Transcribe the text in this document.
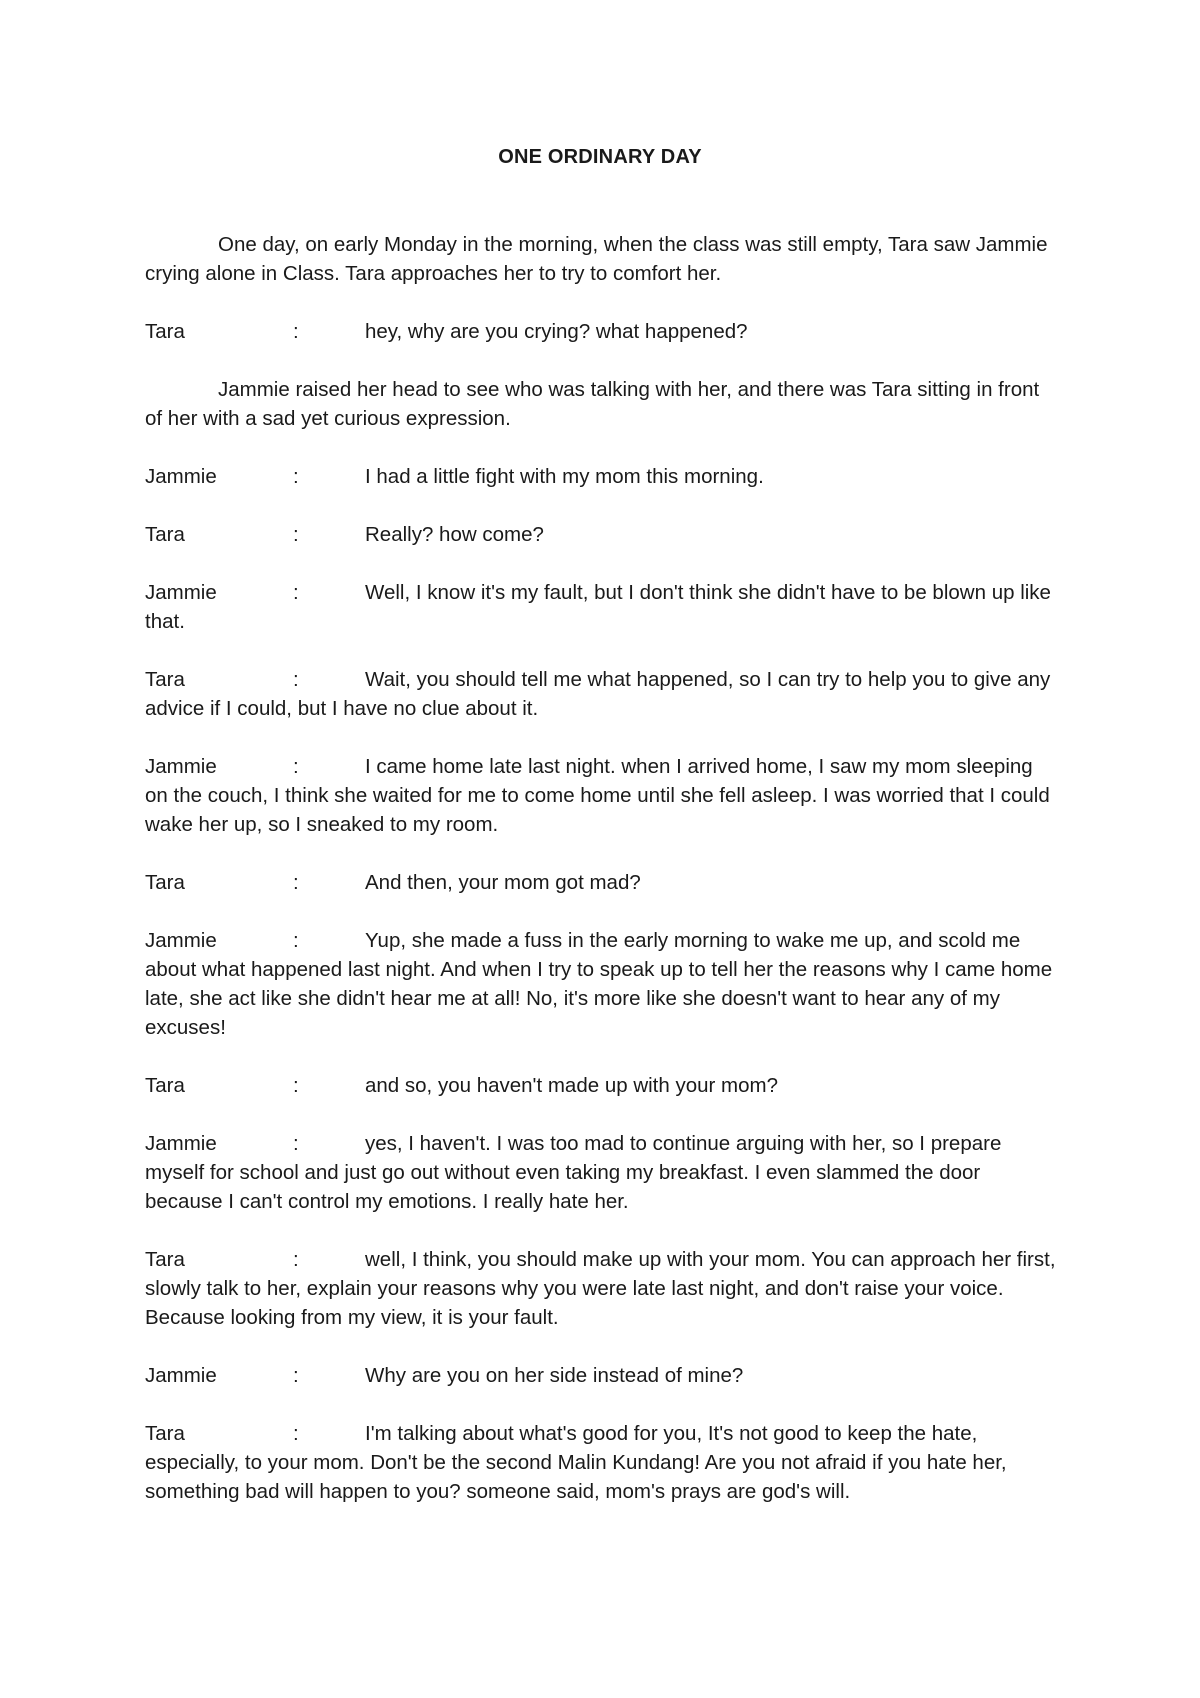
ONE ORDINARY DAY

One day, on early Monday in the morning, when the class was still empty, Tara saw Jammie crying alone in Class. Tara approaches her to try to comfort her.

Tara	:	hey, why are you crying? what happened?

Jammie raised her head to see who was talking with her, and there was Tara sitting in front of her with a sad yet curious expression.

Jammie	:	I had a little fight with my mom this morning.

Tara	:	Really? how come?

Jammie	:	Well, I know it's my fault, but I don't think she didn't have to be blown up like that.

Tara	:	Wait, you should tell me what happened, so I can try to help you to give any advice if I could, but I have no clue about it.

Jammie	:	I came home late last night. when I arrived home, I saw my mom sleeping on the couch, I think she waited for me to come home until she fell asleep. I was worried that I could wake her up, so I sneaked to my room.

Tara	:	And then, your mom got mad?

Jammie	:	Yup, she made a fuss in the early morning to wake me up, and scold me about what happened last night. And when I try to speak up to tell her the reasons why I came home late, she act like she didn't hear me at all! No, it's more like she doesn't want to hear any of my excuses!

Tara	:	and so, you haven't made up with your mom?

Jammie	:	yes, I haven't. I was too mad to continue arguing with her, so I prepare myself for school and just go out without even taking my breakfast. I even slammed the door because I can't control my emotions. I really hate her.

Tara	:	well, I think, you should make up with your mom. You can approach her first, slowly talk to her, explain your reasons why you were late last night, and don't raise your voice. Because looking from my view, it is your fault.

Jammie	:	Why are you on her side instead of mine?

Tara	:	I'm talking about what's good for you, It's not good to keep the hate, especially, to your mom. Don't be the second Malin Kundang! Are you not afraid if you hate her, something bad will happen to you? someone said, mom's prays are god's will.
